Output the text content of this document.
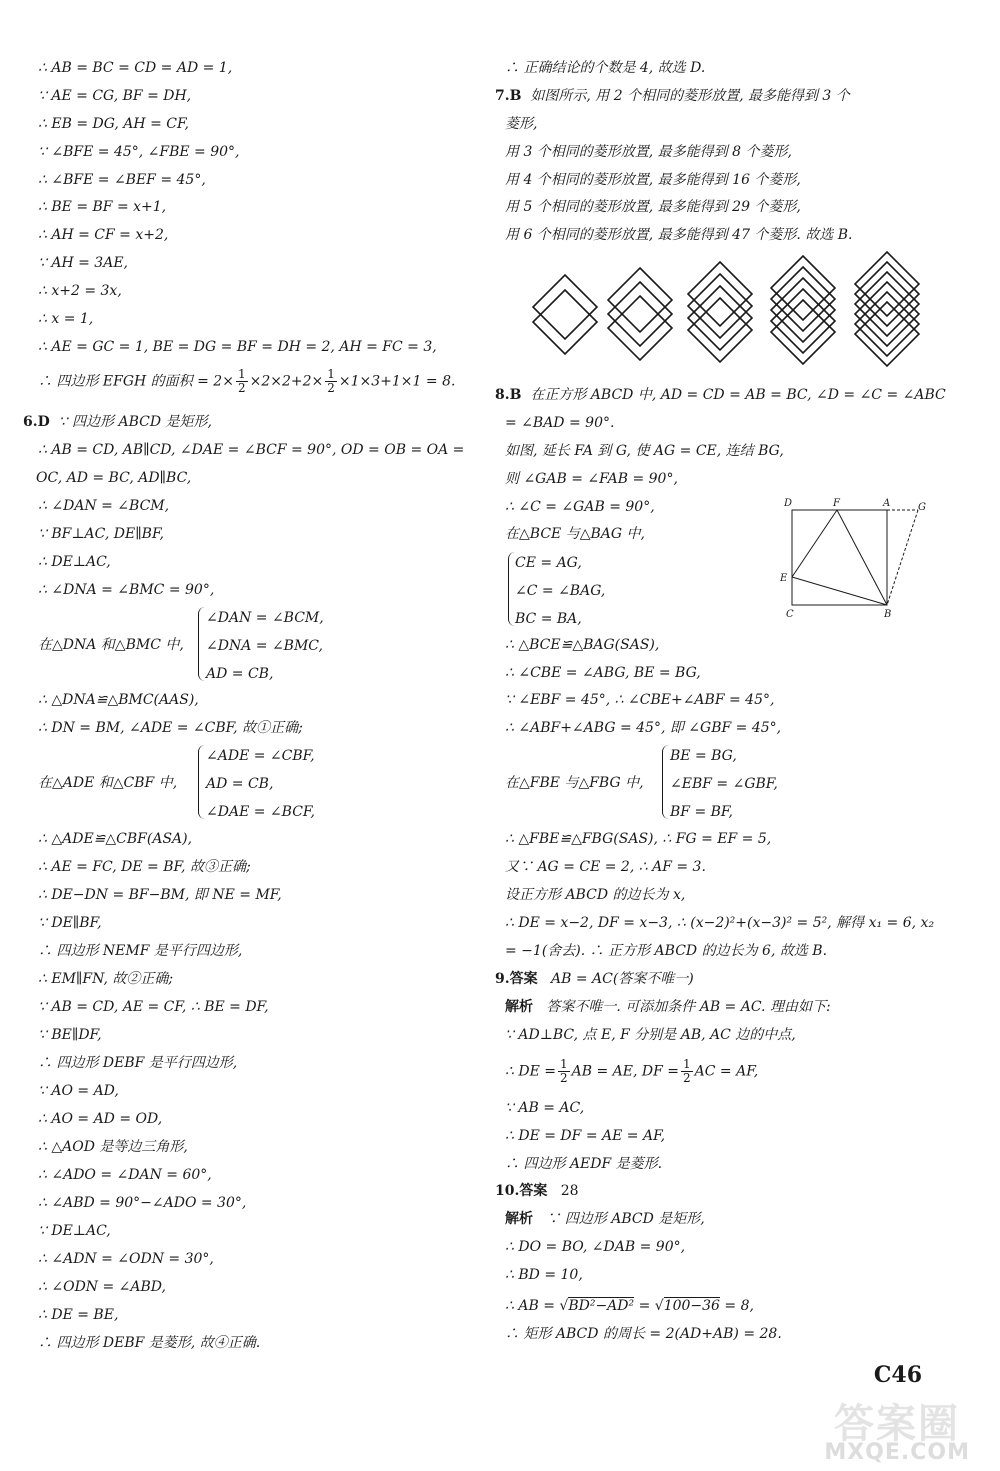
∴ AB = BC = CD = AD = 1,
∵ AE = CG, BF = DH,
∴ EB = DG, AH = CF,
∵ ∠BFE = 45°, ∠FBE = 90°,
∴ ∠BFE = ∠BEF = 45°,
∴ BE = BF = x+1,
∴ AH = CF = x+2,
∵ AH = 3AE,
∴ x+2 = 3x,
∴ x = 1,
∴ AE = GC = 1, BE = DG = BF = DH = 2, AH = FC = 3,
∴ 四边形 EFGH 的面积 = $2\times \frac{1}{2} \times 2\times 2+2\times \frac{1}{2} \times 1\times 3+1\times 1 = 8$.
6.D ∵ 四边形 ABCD 是矩形,
∴ AB = CD, AB∥CD, ∠DAE = ∠BCF = 90°, OD = OB = OA =
OC, AD = BC, AD∥BC,
∴ ∠DAN = ∠BCM,
∵ BF⊥AC, DE∥BF,
∴ DE⊥AC,
∴ ∠DNA = ∠BMC = 90°,
在△DNA 和△BMC 中,
∠DAN = ∠BCM,
∠DNA = ∠BMC,
AD = CB,
∴ △DNA≌△BMC(AAS),
∴ DN = BM, ∠ADE = ∠CBF, 故①正确;
在△ADE 和△CBF 中,
∠ADE = ∠CBF,
AD = CB,
∠DAE = ∠BCF,
∴ △ADE≌△CBF(ASA),
∴ AE = FC, DE = BF, 故③正确;
∴ DE−DN = BF−BM, 即 NE = MF,
∵ DE∥BF,
∴ 四边形 NEMF 是平行四边形,
∴ EM∥FN, 故②正确;
∵ AB = CD, AE = CF, ∴ BE = DF,
∵ BE∥DF,
∴ 四边形 DEBF 是平行四边形,
∵ AO = AD,
∴ AO = AD = OD,
∴ △AOD 是等边三角形,
∴ ∠ADO = ∠DAN = 60°,
∴ ∠ABD = 90°−∠ADO = 30°,
∵ DE⊥AC,
∴ ∠ADN = ∠ODN = 30°,
∴ ∠ODN = ∠ABD,
∴ DE = BE,
∴ 四边形 DEBF 是菱形, 故④正确.
∴ 正确结论的个数是 4, 故选 D.
7.B 如图所示, 用 2 个相同的菱形放置, 最多能得到 3 个
菱形,
用 3 个相同的菱形放置, 最多能得到 8 个菱形,
用 4 个相同的菱形放置, 最多能得到 16 个菱形,
用 5 个相同的菱形放置, 最多能得到 29 个菱形,
用 6 个相同的菱形放置, 最多能得到 47 个菱形. 故选 B.
8.B 在正方形 ABCD 中, AD = CD = AB = BC, ∠D = ∠C = ∠ABC
= ∠BAD = 90°.
如图, 延长 FA 到 G, 使 AG = CE, 连结 BG,
则 ∠GAB = ∠FAB = 90°,
∴ ∠C = ∠GAB = 90°,
在△BCE 与△BAG 中,
CE = AG,
∠C = ∠BAG,
BC = BA,
D	F	A	G
E
C	B
∴ △BCE≌△BAG(SAS),
∴ ∠CBE = ∠ABG, BE = BG,
∵ ∠EBF = 45°, ∴ ∠CBE+∠ABF = 45°,
∴ ∠ABF+∠ABG = 45°, 即 ∠GBF = 45°,
在△FBE 与△FBG 中,
BE = BG,
∠EBF = ∠GBF,
BF = BF,
∴ △FBE≌△FBG(SAS), ∴ FG = EF = 5,
又∵ AG = CE = 2, ∴ AF = 3.
设正方形 ABCD 的边长为 x,
∴ DE = x−2, DF = x−3, ∴ (x−2)²+(x−3)² = 5², 解得 x₁ = 6, x₂
= −1(舍去). ∴ 正方形 ABCD 的边长为 6, 故选 B.
9.答案 AB = AC(答案不唯一)
解析 答案不唯一. 可添加条件 AB = AC. 理由如下:
∵ AD⊥BC, 点 E, F 分别是 AB, AC 边的中点,
∴ DE = $\frac{1}{2}$ AB = AE, DF = $\frac{1}{2}$ AC = AF,
∵ AB = AC,
∴ DE = DF = AE = AF,
∴ 四边形 AEDF 是菱形.
10.答案 28
解析 ∵ 四边形 ABCD 是矩形,
∴ DO = BO, ∠DAB = 90°,
∴ BD = 10,
∴ AB = √BD²−AD² = √100−36 = 8,
∴ 矩形 ABCD 的周长 = 2(AD+AB) = 28.
C46
答案圈
MXQE.COM
